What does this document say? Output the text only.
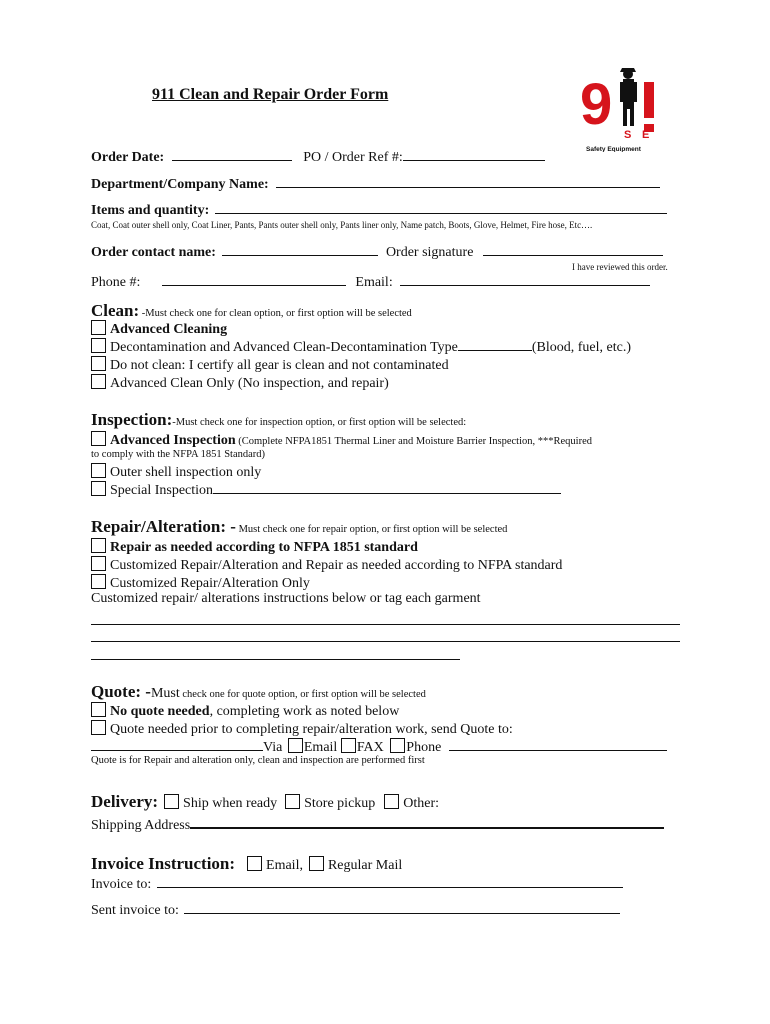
911 Clean and Repair Order Form	9 S E
Safety Equipment
Order Date:	PO / Order Ref #:
Department/Company Name:
Items and quantity:
Coat, Coat outer shell only, Coat Liner, Pants, Pants outer shell only, Pants liner only, Name patch, Boots, Glove, Helmet, Fire hose, Etc….
Order contact name:	Order signature
I have reviewed this order.
Phone #:	Email:
Clean: -Must check one for clean option, or first option will be selected
Advanced Cleaning
Decontamination and Advanced Clean-Decontamination Type	(Blood, fuel, etc.)
Do not clean: I certify all gear is clean and not contaminated
Advanced Clean Only (No inspection, and repair)
Inspection:-Must check one for inspection option, or first option will be selected:
Advanced Inspection (Complete NFPA1851 Thermal Liner and Moisture Barrier Inspection, ***Required
to comply with the NFPA 1851 Standard)
Outer shell inspection only
Special Inspection
Repair/Alteration: - Must check one for repair option, or first option will be selected
Repair as needed according to NFPA 1851 standard
Customized Repair/Alteration and Repair as needed according to NFPA standard
Customized Repair/Alteration Only
Customized repair/ alterations instructions below or tag each garment
Quote: -Must check one for quote option, or first option will be selected
No quote needed, completing work as noted below
Quote needed prior to completing repair/alteration work, send Quote to:
Via Email FAX Phone
Quote is for Repair and alteration only, clean and inspection are performed first
Delivery: Ship when ready Store pickup Other:
Shipping Address
Invoice Instruction: Email, Regular Mail
Invoice to:
Sent invoice to:
